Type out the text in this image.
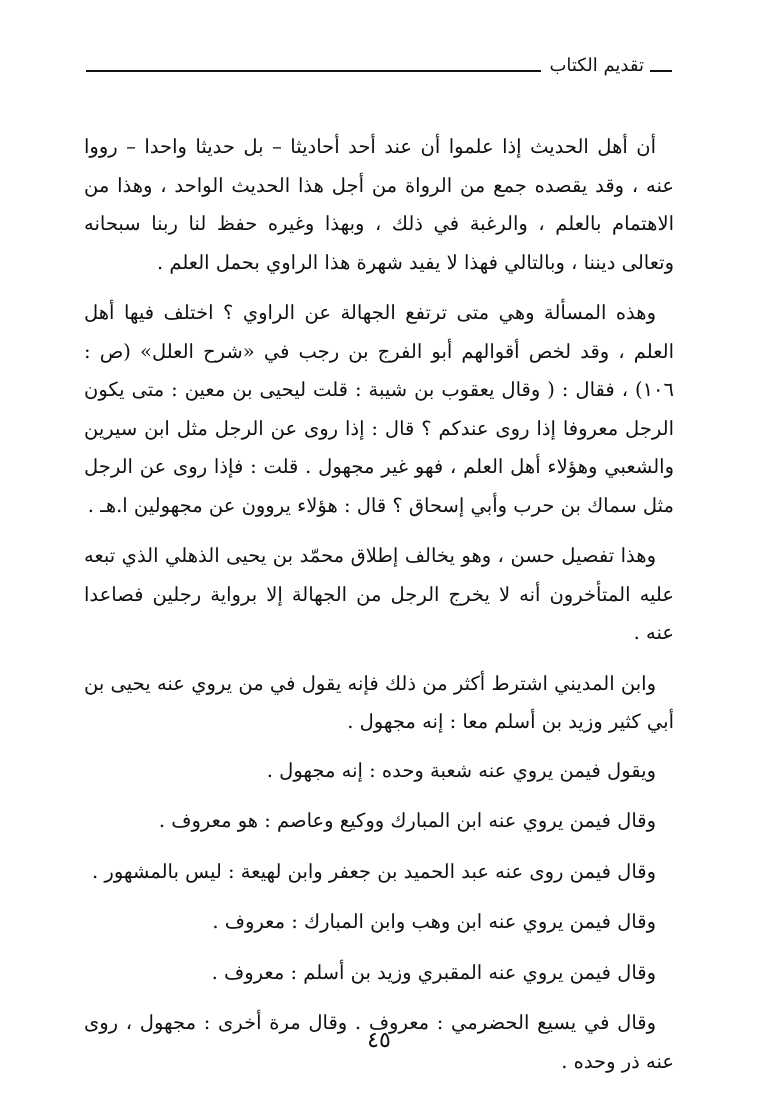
تقديم الكتاب

أن أهل الحديث إذا علموا أن عند أحد أحاديثا – بل حديثا واحدا – رووا عنه ، وقد يقصده جمع من الرواة من أجل هذا الحديث الواحد ، وهذا من الاهتمام بالعلم ، والرغبة في ذلك ، وبهذا وغيره حفظ لنا ربنا سبحانه وتعالى ديننا ، وبالتالي فهذا لا يفيد شهرة هذا الراوي بحمل العلم .

وهذه المسألة وهي متى ترتفع الجهالة عن الراوي ؟ اختلف فيها أهل العلم ، وقد لخص أقوالهم أبو الفرج بن رجب في «شرح العلل» (ص : ١٠٦) ، فقال : ( وقال يعقوب بن شيبة : قلت ليحيى بن معين : متى يكون الرجل معروفا إذا روى عندكم ؟ قال : إذا روى عن الرجل مثل ابن سيرين والشعبي وهؤلاء أهل العلم ، فهو غير مجهول . قلت : فإذا روى عن الرجل مثل سماك بن حرب وأبي إسحاق ؟ قال : هؤلاء يروون عن مجهولين ا.هـ .

وهذا تفصيل حسن ، وهو يخالف إطلاق محمّد بن يحيى الذهلي الذي تبعه عليه المتأخرون أنه لا يخرج الرجل من الجهالة إلا برواية رجلين فصاعدا عنه .

وابن المديني اشترط أكثر من ذلك فإنه يقول في من يروي عنه يحيى بن أبي كثير وزيد بن أسلم معا : إنه مجهول .

ويقول فيمن يروي عنه شعبة وحده : إنه مجهول .

وقال فيمن يروي عنه ابن المبارك ووكيع وعاصم : هو معروف .

وقال فيمن روى عنه عبد الحميد بن جعفر وابن لهيعة : ليس بالمشهور .

وقال فيمن يروي عنه ابن وهب وابن المبارك : معروف .

وقال فيمن يروي عنه المقبري وزيد بن أسلم : معروف .

وقال في يسيع الحضرمي : معروف . وقال مرة أخرى : مجهول ، روى عنه ذر وحده .

٤٥
